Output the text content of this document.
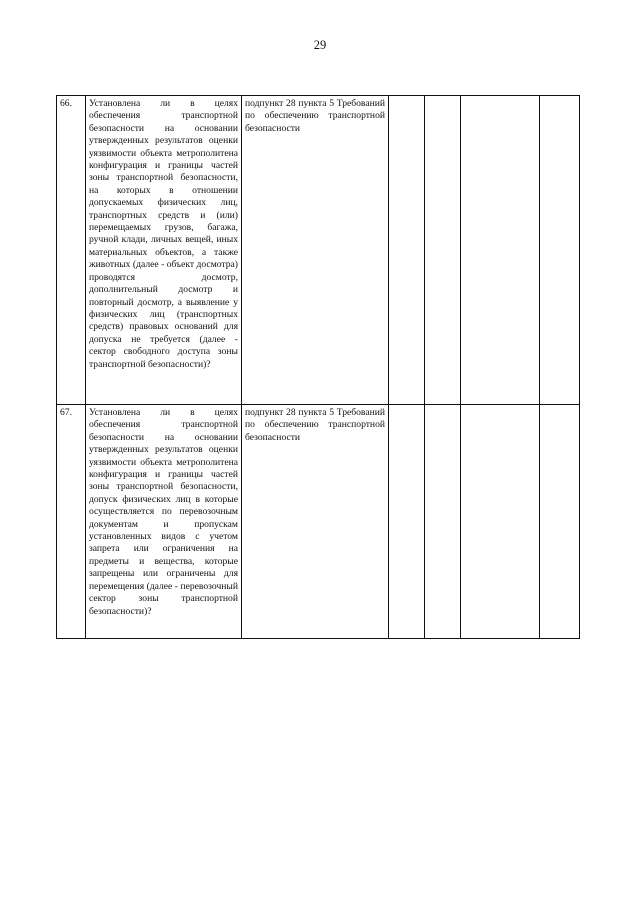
29
66.	Установлена ли в целях обеспечения транспортной безопасности на основании утвержденных результатов оценки уязвимости объекта метрополитена конфигурация и границы частей зоны транспортной безопасности, на которых в отношении допускаемых физических лиц, транспортных средств и (или) перемещаемых грузов, багажа, ручной клади, личных вещей, иных материальных объектов, а также животных (далее - объект досмотра) проводятся досмотр, дополнительный досмотр и повторный досмотр, а выявление у физических лиц (транспортных средств) правовых оснований для допуска не требуется (далее - сектор свободного доступа зоны транспортной безопасности)?	подпункт 28 пункта 5 Требований по обеспечению транспортной безопасности				
67.	Установлена ли в целях обеспечения транспортной безопасности на основании утвержденных результатов оценки уязвимости объекта метрополитена конфигурация и границы частей зоны транспортной безопасности, допуск физических лиц в которые осуществляется по перевозочным документам и пропускам установленных видов с учетом запрета или ограничения на предметы и вещества, которые запрещены или ограничены для перемещения (далее - перевозочный сектор зоны транспортной безопасности)?	подпункт 28 пункта 5 Требований по обеспечению транспортной безопасности				
